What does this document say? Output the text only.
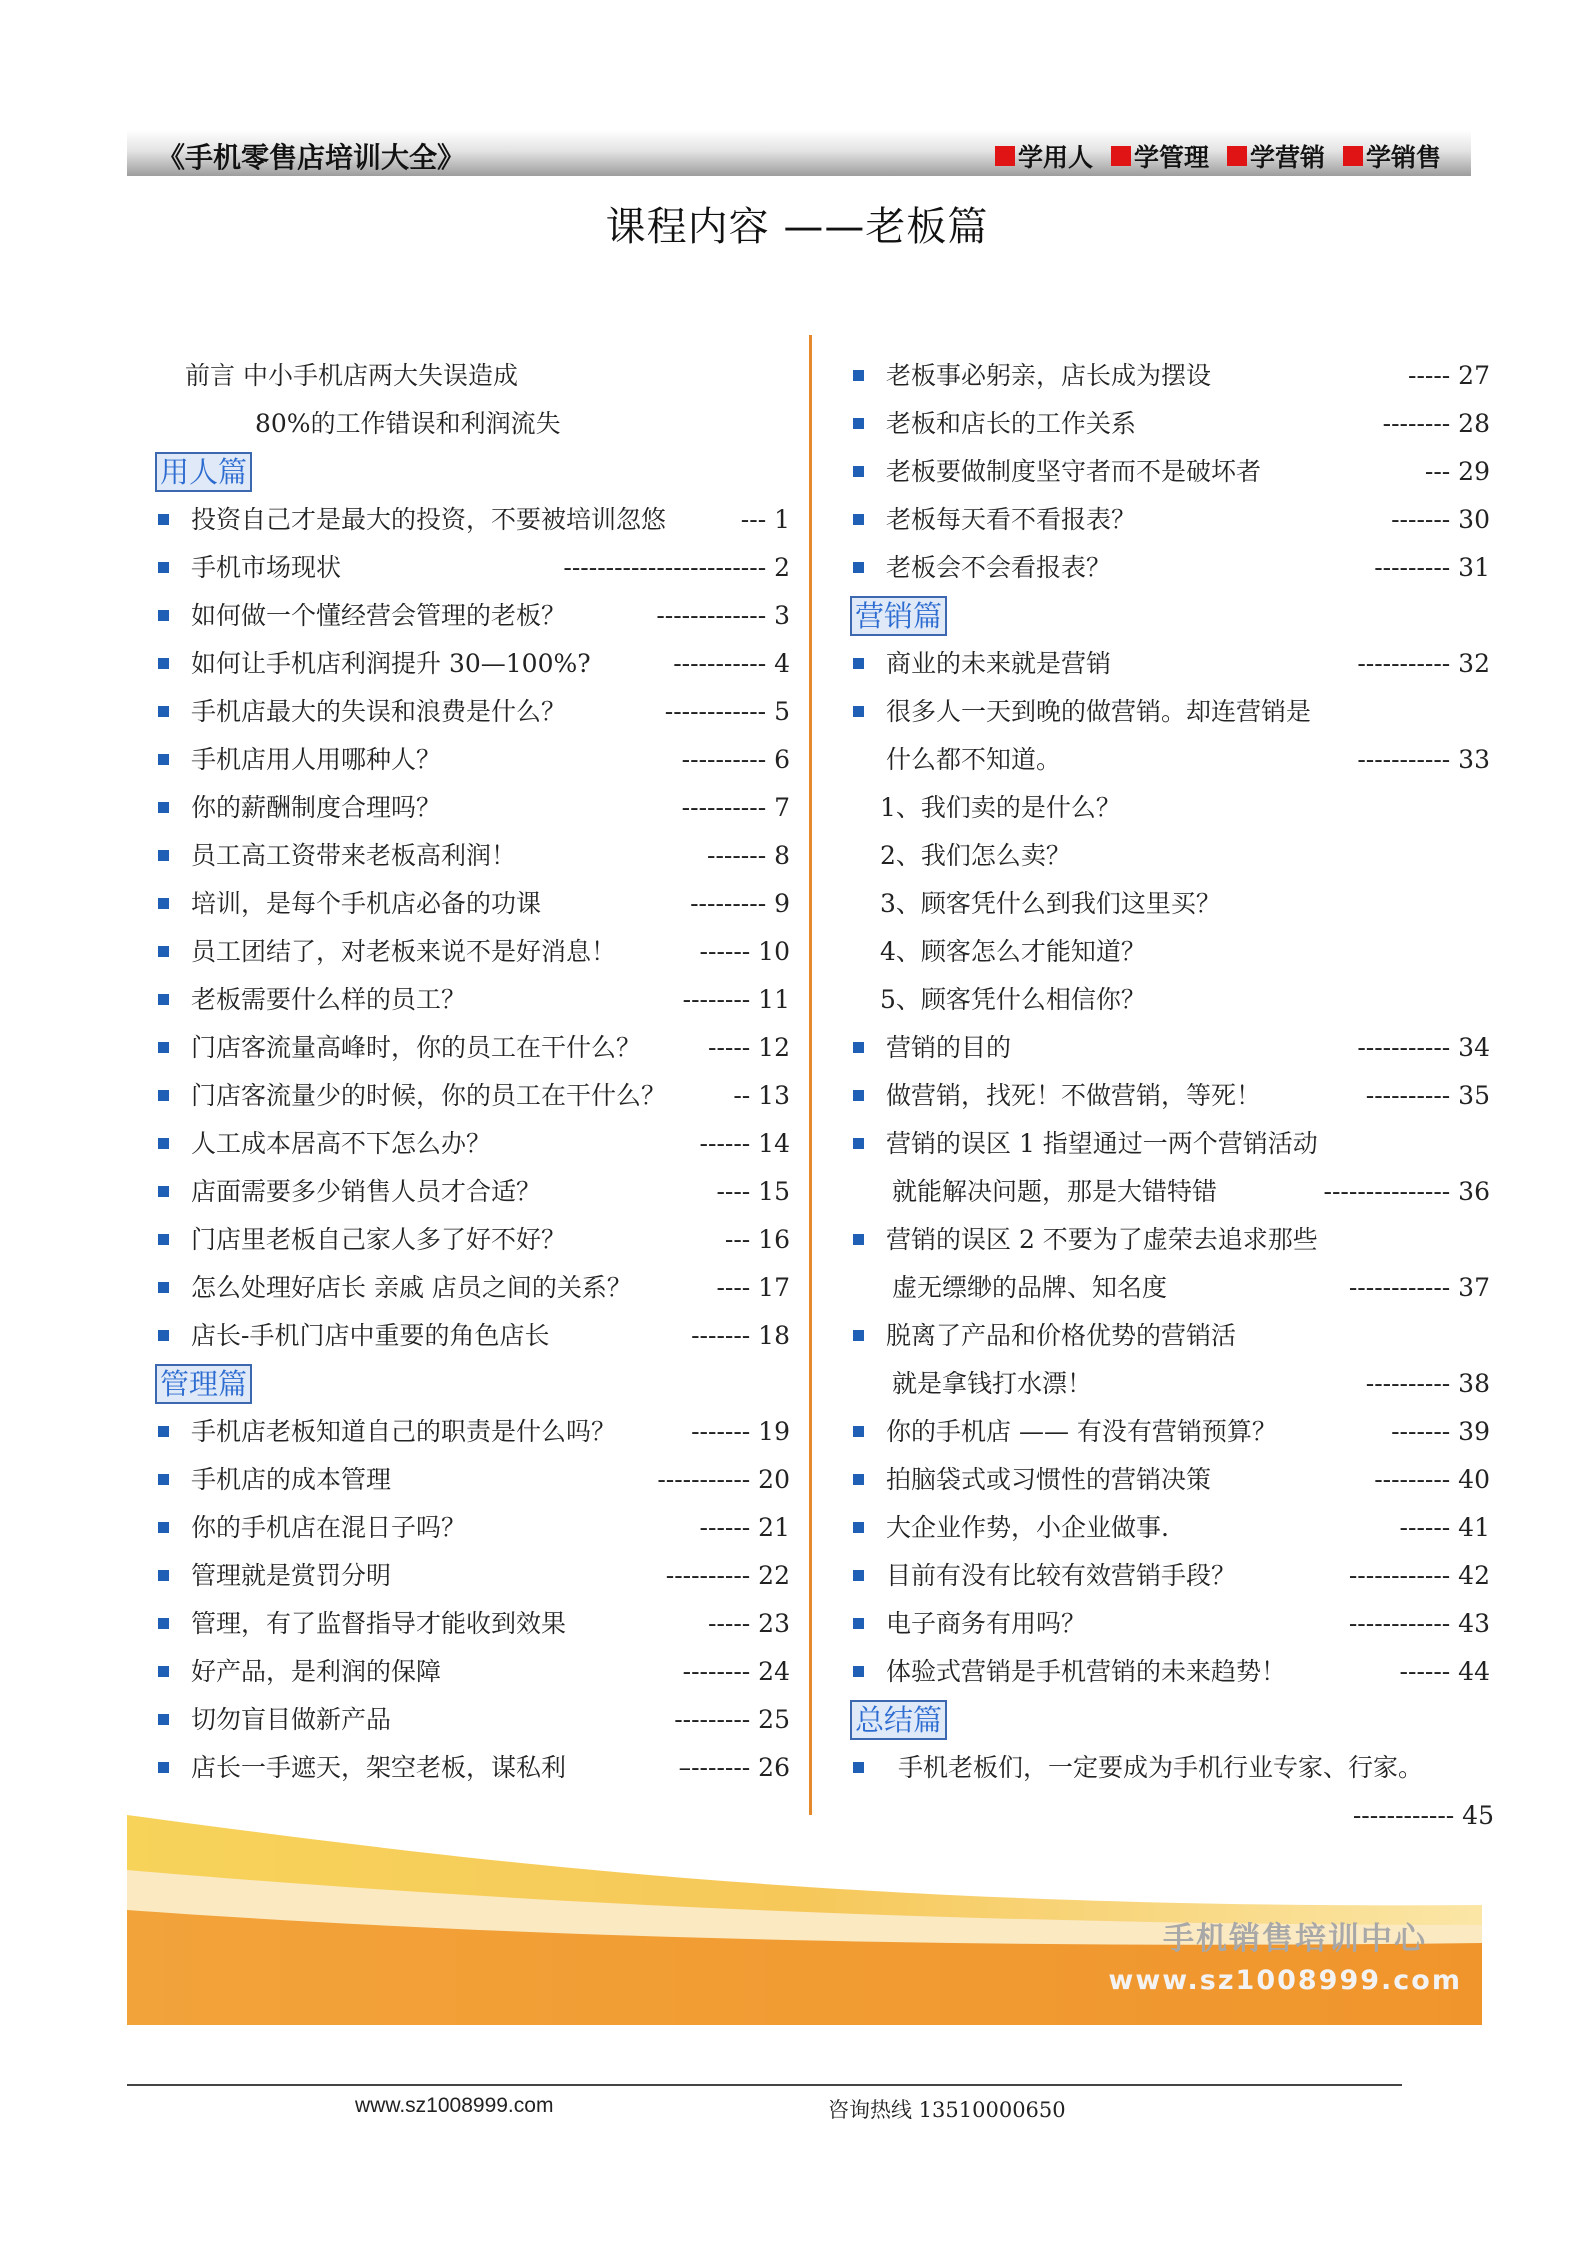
《手机零售店培训大全》	学用人 学管理 学营销 学销售
课程内容 ——老板篇
前言 中小手机店两大失误造成
80%的工作错误和利润流失
用人篇
投资自己才是最大的投资，不要被培训忽悠	--- 1
手机市场现状	------------------------ 2
如何做一个懂经营会管理的老板？	------------- 3
如何让手机店利润提升 30—100%?	----------- 4
手机店最大的失误和浪费是什么？	------------ 5
手机店用人用哪种人？	---------- 6
你的薪酬制度合理吗？	---------- 7
员工高工资带来老板高利润！	------- 8
培训，是每个手机店必备的功课	--------- 9
员工团结了，对老板来说不是好消息！	------ 10
老板需要什么样的员工？	-------- 11
门店客流量高峰时，你的员工在干什么？	----- 12
门店客流量少的时候，你的员工在干什么？	-- 13
人工成本居高不下怎么办？	------ 14
店面需要多少销售人员才合适？	---- 15
门店里老板自己家人多了好不好？	--- 16
怎么处理好店长 亲戚 店员之间的关系？	---- 17
店长-手机门店中重要的角色店长	------- 18
管理篇
手机店老板知道自己的职责是什么吗？	------- 19
手机店的成本管理	----------- 20
你的手机店在混日子吗？	------ 21
管理就是赏罚分明	---------- 22
管理，有了监督指导才能收到效果	----- 23
好产品，是利润的保障	-------- 24
切勿盲目做新产品	--------- 25
店长一手遮天，架空老板，谋私利	–------- 26
老板事必躬亲，店长成为摆设	----- 27
老板和店长的工作关系	-------- 28
老板要做制度坚守者而不是破坏者	--- 29
老板每天看不看报表？	------- 30
老板会不会看报表？	--------- 31
营销篇
商业的未来就是营销	----------- 32
很多人一天到晚的做营销。却连营销是
什么都不知道。	----------- 33
1、我们卖的是什么？
2、我们怎么卖？
3、顾客凭什么到我们这里买？
4、顾客怎么才能知道？
5、顾客凭什么相信你？
营销的目的	----------- 34
做营销，找死！不做营销，等死！	---------- 35
营销的误区 1 指望通过一两个营销活动
就能解决问题，那是大错特错	--------------- 36
营销的误区 2 不要为了虚荣去追求那些
虚无缥缈的品牌、知名度	------------ 37
脱离了产品和价格优势的营销活
就是拿钱打水漂！	---------- 38
你的手机店 —— 有没有营销预算？	------- 39
拍脑袋式或习惯性的营销决策	--------- 40
大企业作势，小企业做事.	------ 41
目前有没有比较有效营销手段？	------------ 42
电子商务有用吗？	------------ 43
体验式营销是手机营销的未来趋势！	------ 44
总结篇
手机老板们，一定要成为手机行业专家、行家。
------------ 45
手机销售培训中心
www.sz1008999.com
www.sz1008999.com	咨询热线 13510000650
